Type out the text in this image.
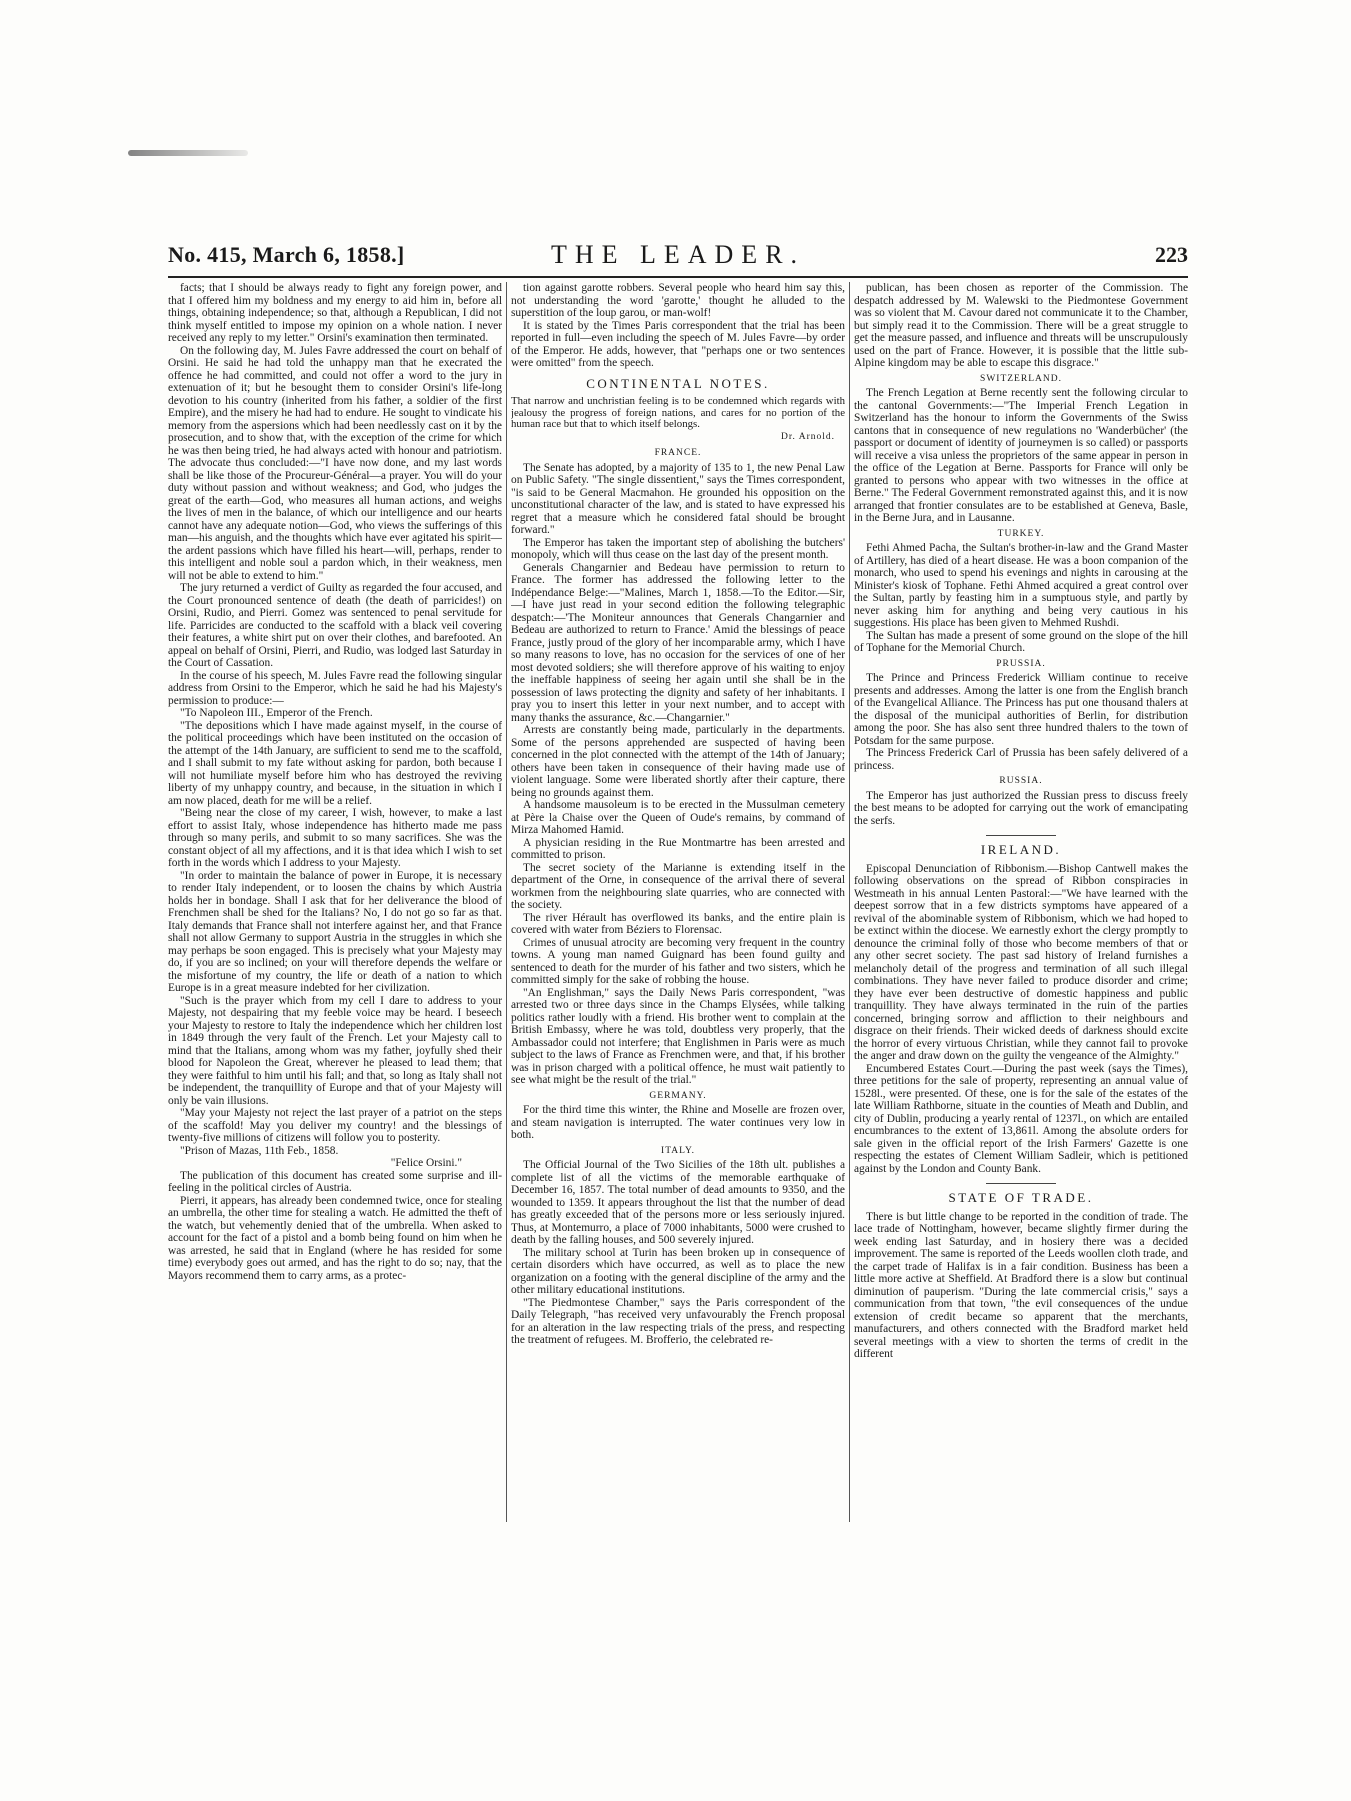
No. 415, March 6, 1858.]	THE LEADER.	223

facts; that I should be always ready to fight any foreign power, and that I offered him my boldness and my energy to aid him in, before all things, obtaining independence; so that, although a Republican, I did not think myself entitled to impose my opinion on a whole nation. I never received any reply to my letter." Orsini's examination then terminated.

On the following day, M. Jules Favre addressed the court on behalf of Orsini. He said he had told the unhappy man that he execrated the offence he had committed, and could not offer a word to the jury in extenuation of it; but he besought them to consider Orsini's life-long devotion to his country (inherited from his father, a soldier of the first Empire), and the misery he had had to endure. He sought to vindicate his memory from the aspersions which had been needlessly cast on it by the prosecution, and to show that, with the exception of the crime for which he was then being tried, he had always acted with honour and patriotism. The advocate thus concluded:—"I have now done, and my last words shall be like those of the Procureur-Général—a prayer. You will do your duty without passion and without weakness; and God, who judges the great of the earth—God, who measures all human actions, and weighs the lives of men in the balance, of which our intelligence and our hearts cannot have any adequate notion—God, who views the sufferings of this man—his anguish, and the thoughts which have ever agitated his spirit—the ardent passions which have filled his heart—will, perhaps, render to this intelligent and noble soul a pardon which, in their weakness, men will not be able to extend to him."

The jury returned a verdict of Guilty as regarded the four accused, and the Court pronounced sentence of death (the death of parricides!) on Orsini, Rudio, and Pierri. Gomez was sentenced to penal servitude for life. Parricides are conducted to the scaffold with a black veil covering their features, a white shirt put on over their clothes, and barefooted. An appeal on behalf of Orsini, Pierri, and Rudio, was lodged last Saturday in the Court of Cassation.

In the course of his speech, M. Jules Favre read the following singular address from Orsini to the Emperor, which he said he had his Majesty's permission to produce:—

"To Napoleon III., Emperor of the French.

"The depositions which I have made against myself, in the course of the political proceedings which have been instituted on the occasion of the attempt of the 14th January, are sufficient to send me to the scaffold, and I shall submit to my fate without asking for pardon, both because I will not humiliate myself before him who has destroyed the reviving liberty of my unhappy country, and because, in the situation in which I am now placed, death for me will be a relief.

"Being near the close of my career, I wish, however, to make a last effort to assist Italy, whose independence has hitherto made me pass through so many perils, and submit to so many sacrifices. She was the constant object of all my affections, and it is that idea which I wish to set forth in the words which I address to your Majesty.

"In order to maintain the balance of power in Europe, it is necessary to render Italy independent, or to loosen the chains by which Austria holds her in bondage. Shall I ask that for her deliverance the blood of Frenchmen shall be shed for the Italians? No, I do not go so far as that. Italy demands that France shall not interfere against her, and that France shall not allow Germany to support Austria in the struggles in which she may perhaps be soon engaged. This is precisely what your Majesty may do, if you are so inclined; on your will therefore depends the welfare or the misfortune of my country, the life or death of a nation to which Europe is in a great measure indebted for her civilization.

"Such is the prayer which from my cell I dare to address to your Majesty, not despairing that my feeble voice may be heard. I beseech your Majesty to restore to Italy the independence which her children lost in 1849 through the very fault of the French. Let your Majesty call to mind that the Italians, among whom was my father, joyfully shed their blood for Napoleon the Great, wherever he pleased to lead them; that they were faithful to him until his fall; and that, so long as Italy shall not be independent, the tranquillity of Europe and that of your Majesty will only be vain illusions.

"May your Majesty not reject the last prayer of a patriot on the steps of the scaffold! May you deliver my country! and the blessings of twenty-five millions of citizens will follow you to posterity.

"Prison of Mazas, 11th Feb., 1858.

"Felice Orsini."

The publication of this document has created some surprise and ill-feeling in the political circles of Austria.

Pierri, it appears, has already been condemned twice, once for stealing an umbrella, the other time for stealing a watch. He admitted the theft of the watch, but vehemently denied that of the umbrella. When asked to account for the fact of a pistol and a bomb being found on him when he was arrested, he said that in England (where he has resided for some time) everybody goes out armed, and has the right to do so; nay, that the Mayors recommend them to carry arms, as a protec-

tion against garotte robbers. Several people who heard him say this, not understanding the word 'garotte,' thought he alluded to the superstition of the loup garou, or man-wolf!

It is stated by the Times Paris correspondent that the trial has been reported in full—even including the speech of M. Jules Favre—by order of the Emperor. He adds, however, that "perhaps one or two sentences were omitted" from the speech.

CONTINENTAL NOTES.

That narrow and unchristian feeling is to be condemned which regards with jealousy the progress of foreign nations, and cares for no portion of the human race but that to which itself belongs.

Dr. Arnold.
FRANCE.

The Senate has adopted, by a majority of 135 to 1, the new Penal Law on Public Safety. "The single dissentient," says the Times correspondent, "is said to be General Macmahon. He grounded his opposition on the unconstitutional character of the law, and is stated to have expressed his regret that a measure which he considered fatal should be brought forward."

The Emperor has taken the important step of abolishing the butchers' monopoly, which will thus cease on the last day of the present month.

Generals Changarnier and Bedeau have permission to return to France. The former has addressed the following letter to the Indépendance Belge:—"Malines, March 1, 1858.—To the Editor.—Sir,—I have just read in your second edition the following telegraphic despatch:—'The Moniteur announces that Generals Changarnier and Bedeau are authorized to return to France.' Amid the blessings of peace France, justly proud of the glory of her incomparable army, which I have so many reasons to love, has no occasion for the services of one of her most devoted soldiers; she will therefore approve of his waiting to enjoy the ineffable happiness of seeing her again until she shall be in the possession of laws protecting the dignity and safety of her inhabitants. I pray you to insert this letter in your next number, and to accept with many thanks the assurance, &c.—Changarnier."

Arrests are constantly being made, particularly in the departments. Some of the persons apprehended are suspected of having been concerned in the plot connected with the attempt of the 14th of January; others have been taken in consequence of their having made use of violent language. Some were liberated shortly after their capture, there being no grounds against them.

A handsome mausoleum is to be erected in the Mussulman cemetery at Père la Chaise over the Queen of Oude's remains, by command of Mirza Mahomed Hamid.

A physician residing in the Rue Montmartre has been arrested and committed to prison.

The secret society of the Marianne is extending itself in the department of the Orne, in consequence of the arrival there of several workmen from the neighbouring slate quarries, who are connected with the society.

The river Hérault has overflowed its banks, and the entire plain is covered with water from Béziers to Florensac.

Crimes of unusual atrocity are becoming very frequent in the country towns. A young man named Guignard has been found guilty and sentenced to death for the murder of his father and two sisters, which he committed simply for the sake of robbing the house.

"An Englishman," says the Daily News Paris correspondent, "was arrested two or three days since in the Champs Elysées, while talking politics rather loudly with a friend. His brother went to complain at the British Embassy, where he was told, doubtless very properly, that the Ambassador could not interfere; that Englishmen in Paris were as much subject to the laws of France as Frenchmen were, and that, if his brother was in prison charged with a political offence, he must wait patiently to see what might be the result of the trial."

GERMANY.

For the third time this winter, the Rhine and Moselle are frozen over, and steam navigation is interrupted. The water continues very low in both.

ITALY.

The Official Journal of the Two Sicilies of the 18th ult. publishes a complete list of all the victims of the memorable earthquake of December 16, 1857. The total number of dead amounts to 9350, and the wounded to 1359. It appears throughout the list that the number of dead has greatly exceeded that of the persons more or less seriously injured. Thus, at Montemurro, a place of 7000 inhabitants, 5000 were crushed to death by the falling houses, and 500 severely injured.

The military school at Turin has been broken up in consequence of certain disorders which have occurred, as well as to place the new organization on a footing with the general discipline of the army and the other military educational institutions.

"The Piedmontese Chamber," says the Paris correspondent of the Daily Telegraph, "has received very unfavourably the French proposal for an alteration in the law respecting trials of the press, and respecting the treatment of refugees. M. Brofferio, the celebrated re-

publican, has been chosen as reporter of the Commission. The despatch addressed by M. Walewski to the Piedmontese Government was so violent that M. Cavour dared not communicate it to the Chamber, but simply read it to the Commission. There will be a great struggle to get the measure passed, and influence and threats will be unscrupulously used on the part of France. However, it is possible that the little sub-Alpine kingdom may be able to escape this disgrace."

SWITZERLAND.

The French Legation at Berne recently sent the following circular to the cantonal Governments:—"The Imperial French Legation in Switzerland has the honour to inform the Governments of the Swiss cantons that in consequence of new regulations no 'Wanderbücher' (the passport or document of identity of journeymen is so called) or passports will receive a visa unless the proprietors of the same appear in person in the office of the Legation at Berne. Passports for France will only be granted to persons who appear with two witnesses in the office at Berne." The Federal Government remonstrated against this, and it is now arranged that frontier consulates are to be established at Geneva, Basle, in the Berne Jura, and in Lausanne.

TURKEY.

Fethi Ahmed Pacha, the Sultan's brother-in-law and the Grand Master of Artillery, has died of a heart disease. He was a boon companion of the monarch, who used to spend his evenings and nights in carousing at the Minister's kiosk of Tophane. Fethi Ahmed acquired a great control over the Sultan, partly by feasting him in a sumptuous style, and partly by never asking him for anything and being very cautious in his suggestions. His place has been given to Mehmed Rushdi.

The Sultan has made a present of some ground on the slope of the hill of Tophane for the Memorial Church.

PRUSSIA.

The Prince and Princess Frederick William continue to receive presents and addresses. Among the latter is one from the English branch of the Evangelical Alliance. The Princess has put one thousand thalers at the disposal of the municipal authorities of Berlin, for distribution among the poor. She has also sent three hundred thalers to the town of Potsdam for the same purpose.

The Princess Frederick Carl of Prussia has been safely delivered of a princess.

RUSSIA.

The Emperor has just authorized the Russian press to discuss freely the best means to be adopted for carrying out the work of emancipating the serfs.

IRELAND.

Episcopal Denunciation of Ribbonism.—Bishop Cantwell makes the following observations on the spread of Ribbon conspiracies in Westmeath in his annual Lenten Pastoral:—"We have learned with the deepest sorrow that in a few districts symptoms have appeared of a revival of the abominable system of Ribbonism, which we had hoped to be extinct within the diocese. We earnestly exhort the clergy promptly to denounce the criminal folly of those who become members of that or any other secret society. The past sad history of Ireland furnishes a melancholy detail of the progress and termination of all such illegal combinations. They have never failed to produce disorder and crime; they have ever been destructive of domestic happiness and public tranquillity. They have always terminated in the ruin of the parties concerned, bringing sorrow and affliction to their neighbours and disgrace on their friends. Their wicked deeds of darkness should excite the horror of every virtuous Christian, while they cannot fail to provoke the anger and draw down on the guilty the vengeance of the Almighty."

Encumbered Estates Court.—During the past week (says the Times), three petitions for the sale of property, representing an annual value of 1528l., were presented. Of these, one is for the sale of the estates of the late William Rathborne, situate in the counties of Meath and Dublin, and city of Dublin, producing a yearly rental of 1237l., on which are entailed encumbrances to the extent of 13,861l. Among the absolute orders for sale given in the official report of the Irish Farmers' Gazette is one respecting the estates of Clement William Sadleir, which is petitioned against by the London and County Bank.

STATE OF TRADE.

There is but little change to be reported in the condition of trade. The lace trade of Nottingham, however, became slightly firmer during the week ending last Saturday, and in hosiery there was a decided improvement. The same is reported of the Leeds woollen cloth trade, and the carpet trade of Halifax is in a fair condition. Business has been a little more active at Sheffield. At Bradford there is a slow but continual diminution of pauperism. "During the late commercial crisis," says a communication from that town, "the evil consequences of the undue extension of credit became so apparent that the merchants, manufacturers, and others connected with the Bradford market held several meetings with a view to shorten the terms of credit in the different
